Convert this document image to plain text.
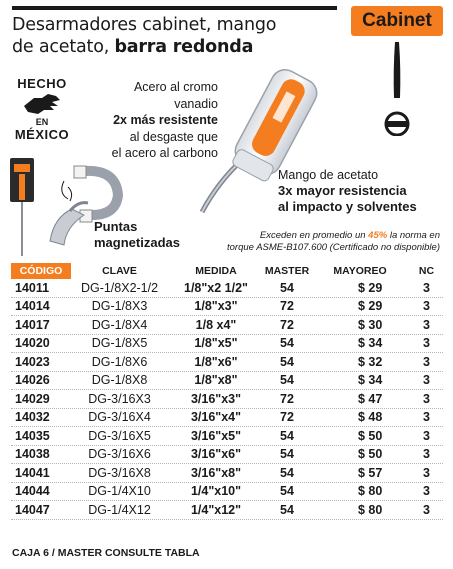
Desarmadores cabinet, mango
de acetato, barra redonda
Cabinet
HECHO
EN
MÉXICO
Acero al cromo vanadio
2x más resistente
al desgaste que
el acero al carbono
Mango de acetato
3x mayor resistencia
al impacto y solventes
Puntas
magnetizadas	Exceden en promedio un 45% la norma en
torque ASME-B107.600 (Certificado no disponible)
CÓDIGO	CLAVE	MEDIDA	MASTER	MAYOREO	NC
14011	DG-1/8X2-1/2	1/8"x2 1/2"	54	$ 29	3
14014	DG-1/8X3	1/8"x3"	72	$ 29	3
14017	DG-1/8X4	1/8 x4"	72	$ 30	3
14020	DG-1/8X5	1/8"x5"	54	$ 34	3
14023	DG-1/8X6	1/8"x6"	54	$ 32	3
14026	DG-1/8X8	1/8"x8"	54	$ 34	3
14029	DG-3/16X3	3/16"x3"	72	$ 47	3
14032	DG-3/16X4	3/16"x4"	72	$ 48	3
14035	DG-3/16X5	3/16"x5"	54	$ 50	3
14038	DG-3/16X6	3/16"x6"	54	$ 50	3
14041	DG-3/16X8	3/16"x8"	54	$ 57	3
14044	DG-1/4X10	1/4"x10"	54	$ 80	3
14047	DG-1/4X12	1/4"x12"	54	$ 80	3
CAJA 6 / MASTER CONSULTE TABLA
